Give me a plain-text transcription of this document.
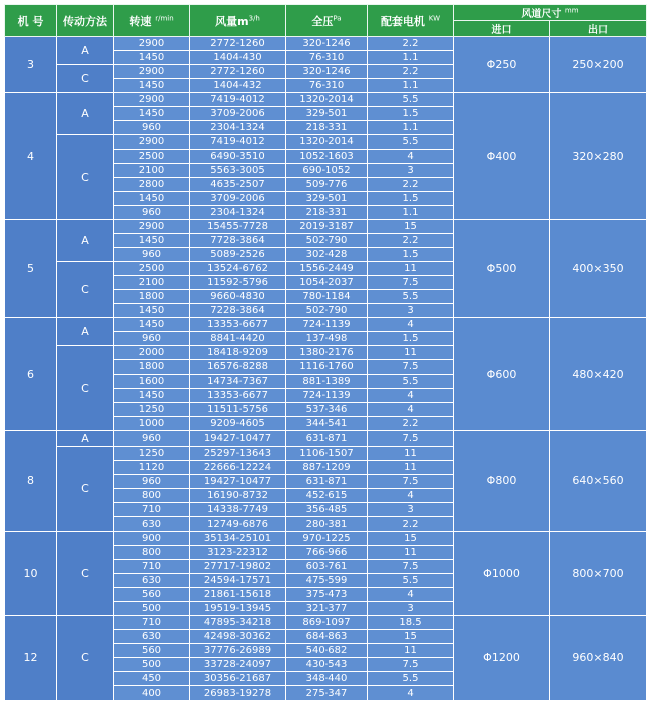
机 号	传动方法	转速 $^{r/min}$	风量$m^{3/h}$	全压$^{Pa}$	配套电机 $^{KW}$	风道尺寸 $^{mm}$
						进口	出口
3	A	2900	2772-1260	320-1246	2.2	Φ250	250×200
		1450	1404-430	76-310	1.1		
	C	2900	2772-1260	320-1246	2.2		
		1450	1404-432	76-310	1.1		
4	A	2900	7419-4012	1320-2014	5.5	Φ400	320×280
		1450	3709-2006	329-501	1.5		
		960	2304-1324	218-331	1.1		
	C	2900	7419-4012	1320-2014	5.5		
		2500	6490-3510	1052-1603	4		
		2100	5563-3005	690-1052	3		
		2800	4635-2507	509-776	2.2		
		1450	3709-2006	329-501	1.5		
		960	2304-1324	218-331	1.1		
5	A	2900	15455-7728	2019-3187	15	Φ500	400×350
		1450	7728-3864	502-790	2.2		
		960	5089-2526	302-428	1.5		
	C	2500	13524-6762	1556-2449	11		
		2100	11592-5796	1054-2037	7.5		
		1800	9660-4830	780-1184	5.5		
		1450	7228-3864	502-790	3		
6	A	1450	13353-6677	724-1139	4	Φ600	480×420
		960	8841-4420	137-498	1.5		
	C	2000	18418-9209	1380-2176	11		
		1800	16576-8288	1116-1760	7.5		
		1600	14734-7367	881-1389	5.5		
		1450	13353-6677	724-1139	4		
		1250	11511-5756	537-346	4		
		1000	9209-4605	344-541	2.2		
8	A	960	19427-10477	631-871	7.5	Φ800	640×560
	C	1250	25297-13643	1106-1507	11		
		1120	22666-12224	887-1209	11		
		960	19427-10477	631-871	7.5		
		800	16190-8732	452-615	4		
		710	14338-7749	356-485	3		
		630	12749-6876	280-381	2.2		
10	C	900	35134-25101	970-1225	15	Φ1000	800×700
		800	3123-22312	766-966	11		
		710	27717-19802	603-761	7.5		
		630	24594-17571	475-599	5.5		
		560	21861-15618	375-473	4		
		500	19519-13945	321-377	3		
12	C	710	47895-34218	869-1097	18.5	Φ1200	960×840
		630	42498-30362	684-863	15		
		560	37776-26989	540-682	11		
		500	33728-24097	430-543	7.5		
		450	30356-21687	348-440	5.5		
		400	26983-19278	275-347	4		
